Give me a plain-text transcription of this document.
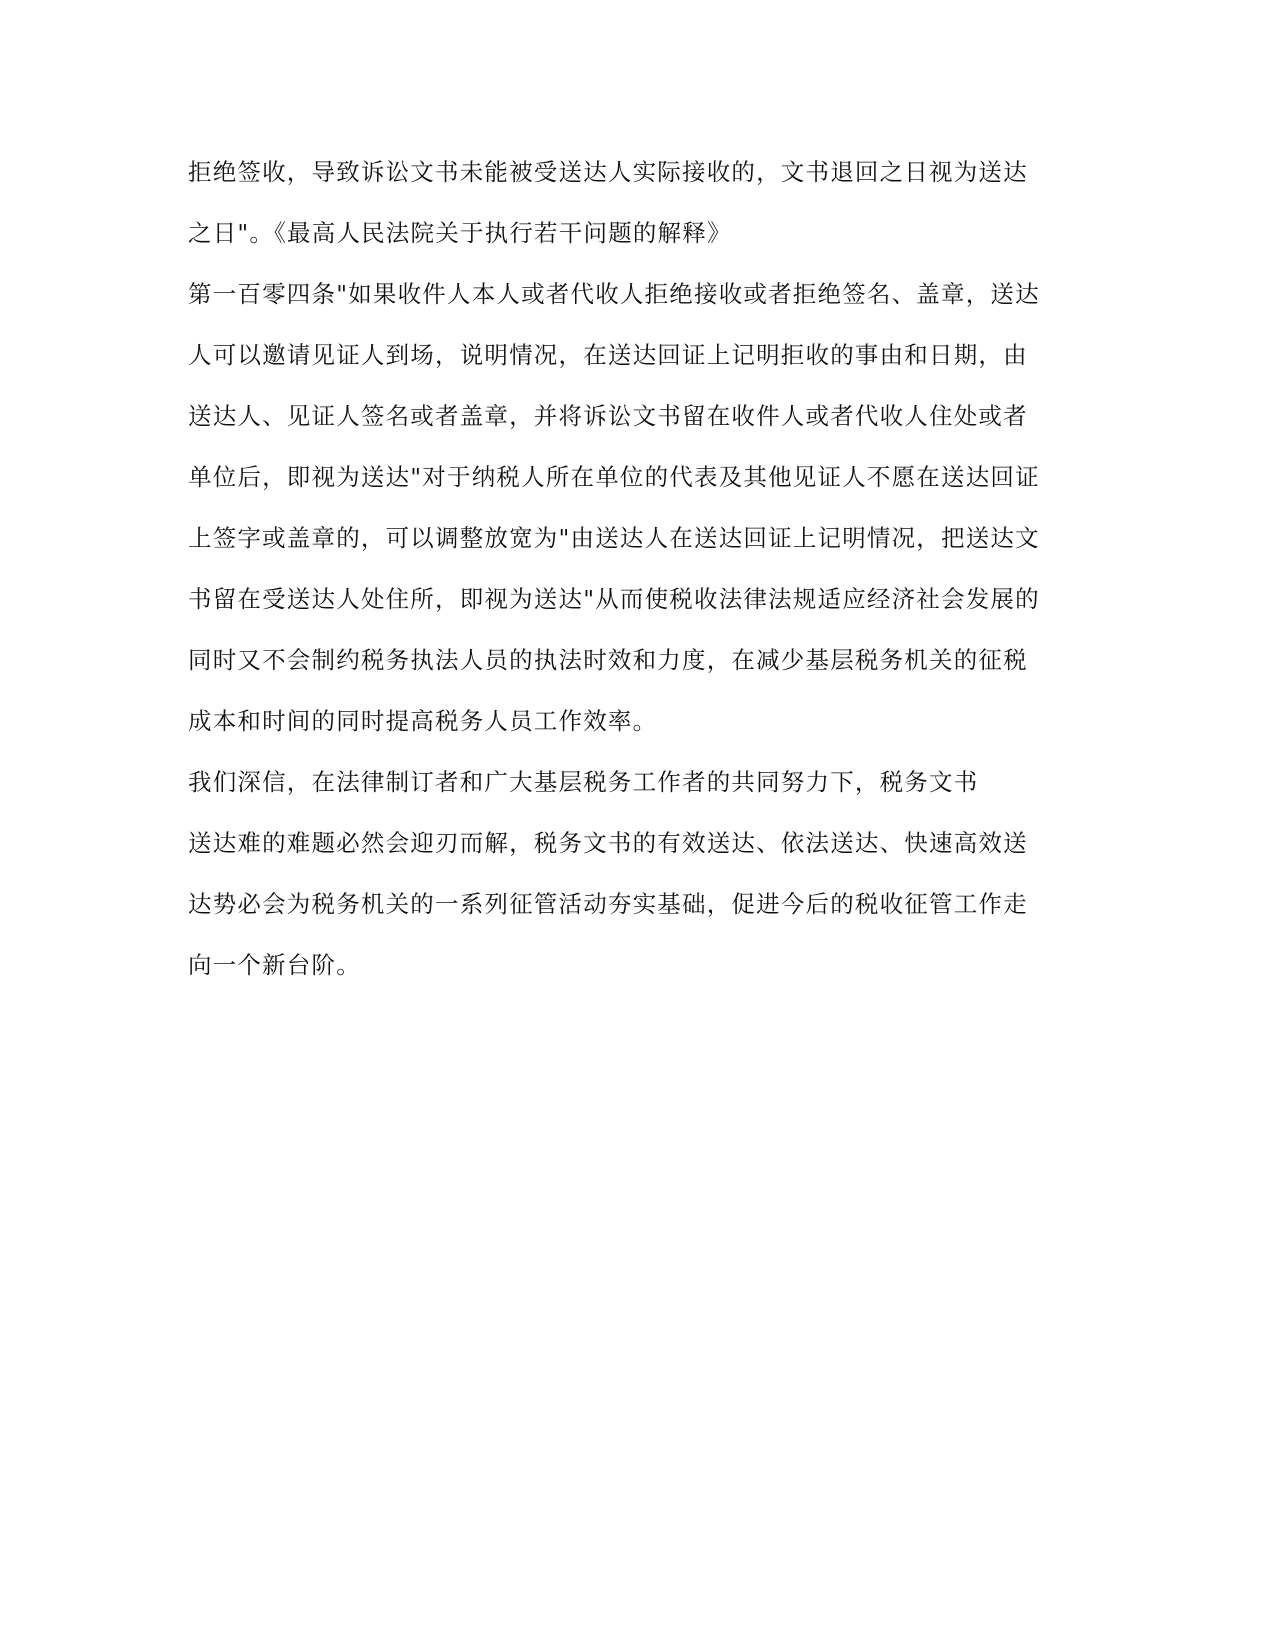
拒绝签收，导致诉讼文书未能被受送达人实际接收的，文书退回之日视为送达
之日"。《最高人民法院关于执行若干问题的解释》
第一百零四条"如果收件人本人或者代收人拒绝接收或者拒绝签名、盖章，送达
人可以邀请见证人到场，说明情况，在送达回证上记明拒收的事由和日期，由
送达人、见证人签名或者盖章，并将诉讼文书留在收件人或者代收人住处或者
单位后，即视为送达"对于纳税人所在单位的代表及其他见证人不愿在送达回证
上签字或盖章的，可以调整放宽为"由送达人在送达回证上记明情况，把送达文
书留在受送达人处住所，即视为送达"从而使税收法律法规适应经济社会发展的
同时又不会制约税务执法人员的执法时效和力度，在减少基层税务机关的征税
成本和时间的同时提高税务人员工作效率。
我们深信，在法律制订者和广大基层税务工作者的共同努力下，税务文书
送达难的难题必然会迎刃而解，税务文书的有效送达、依法送达、快速高效送
达势必会为税务机关的一系列征管活动夯实基础，促进今后的税收征管工作走
向一个新台阶。
